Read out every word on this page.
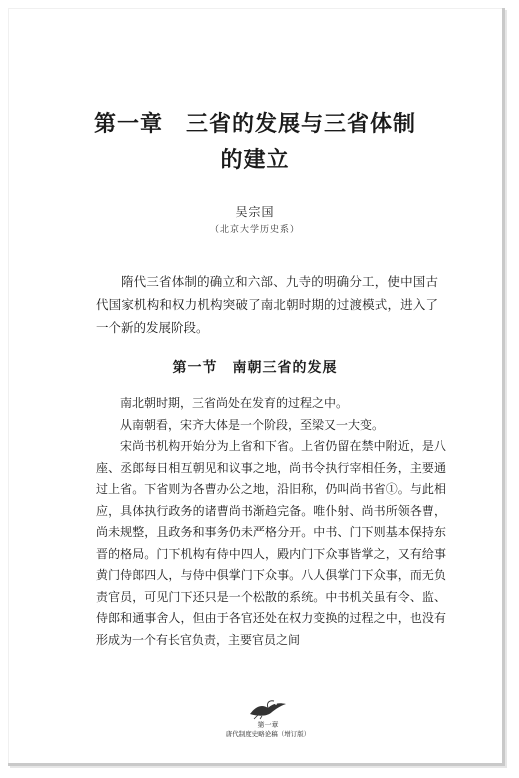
第一章　三省的发展与三省体制
的建立
吴宗国
（北京大学历史系）

隋代三省体制的确立和六部、九寺的明确分工，使中国古代国家机构和权力机构突破了南北朝时期的过渡模式，进入了一个新的发展阶段。

第一节　南朝三省的发展

南北朝时期，三省尚处在发育的过程之中。

从南朝看，宋齐大体是一个阶段，至梁又一大变。

宋尚书机构开始分为上省和下省。上省仍留在禁中附近，是八座、丞郎每日相互朝见和议事之地，尚书令执行宰相任务，主要通过上省。下省则为各曹办公之地，沿旧称，仍叫尚书省①。与此相应，具体执行政务的诸曹尚书渐趋完备。唯仆射、尚书所领各曹，尚未规整，且政务和事务仍未严格分开。中书、门下则基本保持东晋的格局。门下机构有侍中四人，殿内门下众事皆掌之，又有给事黄门侍郎四人，与侍中俱掌门下众事。八人俱掌门下众事，而无负责官员，可见门下还只是一个松散的系统。中书机关虽有令、监、侍郎和通事舍人，但由于各官还处在权力变换的过程之中，也没有形成为一个有长官负责，主要官员之间

第一章
唐代制度史略论稿（增订版）
